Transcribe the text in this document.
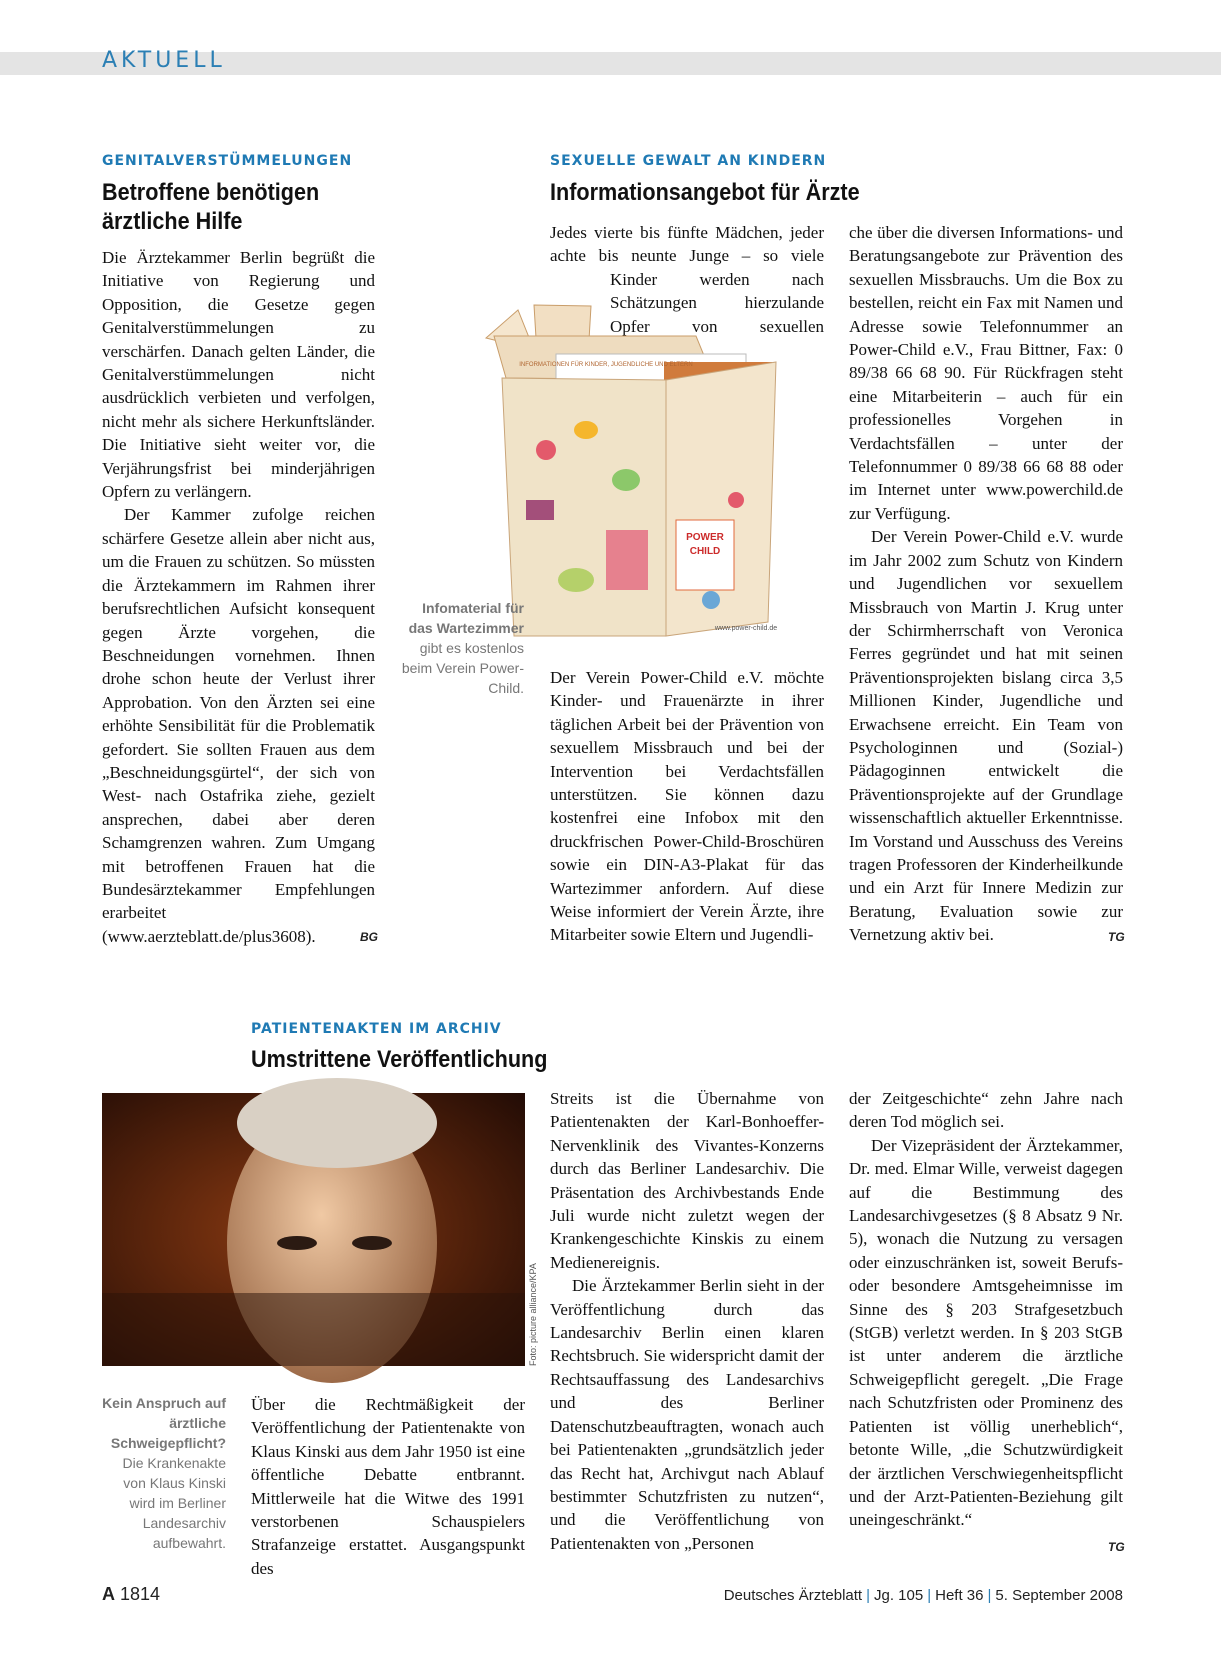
AKTUELL
GENITALVERSTÜMMELUNGEN
Betroffene benötigen ärztliche Hilfe

Die Ärztekammer Berlin begrüßt die Initiative von Regierung und Opposition, die Gesetze gegen Genitalverstümmelungen zu verschärfen. Danach gelten Länder, die Genitalverstümmelungen nicht ausdrücklich verbieten und verfolgen, nicht mehr als sichere Herkunftsländer. Die Initiative sieht weiter vor, die Verjährungsfrist bei minderjährigen Opfern zu verlängern.

Der Kammer zufolge reichen schärfere Gesetze allein aber nicht aus, um die Frauen zu schützen. So müssten die Ärztekammern im Rahmen ihrer berufsrechtlichen Aufsicht konsequent gegen Ärzte vorgehen, die Beschneidungen vornehmen. Ihnen drohe schon heute der Verlust ihrer Approbation. Von den Ärzten sei eine erhöhte Sensibilität für die Problematik gefordert. Sie sollten Frauen aus dem „Beschneidungsgürtel“, der sich von West- nach Ostafrika ziehe, gezielt ansprechen, dabei aber deren Schamgrenzen wahren. Zum Umgang mit betroffenen Frauen hat die Bundesärztekammer Empfehlungen erarbeitet (www.aerzteblatt.de/plus3608).	BG
SEXUELLE GEWALT AN KINDERN
Informationsangebot für Ärzte

Jedes vierte bis fünfte Mädchen, jeder achte bis neunte Junge – so viele Kinder werden nach Schätzungen hierzulande Opfer von sexuellen

POWER
CHILD
www.power-child.de
INFORMATIONEN FÜR KINDER, JUGENDLICHE UND ELTERN
Infomaterial für das Wartezimmer
gibt es kostenlos beim Verein Power-Child.

Der Verein Power-Child e.V. möchte Kinder- und Frauenärzte in ihrer täglichen Arbeit bei der Prävention von sexuellem Missbrauch und bei der Intervention bei Verdachtsfällen unterstützen. Sie können dazu kostenfrei eine Infobox mit den druckfrischen Power-Child-Broschüren sowie ein DIN-A3-Plakat für das Wartezimmer anfordern. Auf diese Weise informiert der Verein Ärzte, ihre Mitarbeiter sowie Eltern und Jugendli-

che über die diversen Informations- und Beratungsangebote zur Prävention des sexuellen Missbrauchs. Um die Box zu bestellen, reicht ein Fax mit Namen und Adresse sowie Telefonnummer an Power-Child e.V., Frau Bittner, Fax: 0 89/38 66 68 90. Für Rückfragen steht eine Mitarbeiterin – auch für ein professionelles Vorgehen in Verdachtsfällen – unter der Telefonnummer 0 89/38 66 68 88 oder im Internet unter www.powerchild.de zur Verfügung.

Der Verein Power-Child e.V. wurde im Jahr 2002 zum Schutz von Kindern und Jugendlichen vor sexuellem Missbrauch von Martin J. Krug unter der Schirmherrschaft von Veronica Ferres gegründet und hat mit seinen Präventionsprojekten bislang circa 3,5 Millionen Kinder, Jugendliche und Erwachsene erreicht. Ein Team von Psychologinnen und (Sozial-) Pädagoginnen entwickelt die Präventionsprojekte auf der Grundlage wissenschaftlich aktueller Erkenntnisse. Im Vorstand und Ausschuss des Vereins tragen Professoren der Kinderheilkunde und ein Arzt für Innere Medizin zur Beratung, Evaluation sowie zur Vernetzung aktiv bei.	TG
PATIENTENAKTEN IM ARCHIV
Umstrittene Veröffentlichung
Foto: picture alliance/KPA
Kein Anspruch auf ärztliche Schweigepflicht?
Die Krankenakte von Klaus Kinski wird im Berliner Landesarchiv aufbewahrt.

Über die Rechtmäßigkeit der Veröffentlichung der Patientenakte von Klaus Kinski aus dem Jahr 1950 ist eine öffentliche Debatte entbrannt. Mittlerweile hat die Witwe des 1991 verstorbenen Schauspielers Strafanzeige erstattet. Ausgangspunkt des

Streits ist die Übernahme von Patientenakten der Karl-Bonhoeffer-Nervenklinik des Vivantes-Konzerns durch das Berliner Landesarchiv. Die Präsentation des Archivbestands Ende Juli wurde nicht zuletzt wegen der Krankengeschichte Kinskis zu einem Medienereignis.

Die Ärztekammer Berlin sieht in der Veröffentlichung durch das Landesarchiv Berlin einen klaren Rechtsbruch. Sie widerspricht damit der Rechtsauffassung des Landesarchivs und des Berliner Datenschutzbeauftragten, wonach auch bei Patientenakten „grundsätzlich jeder das Recht hat, Archivgut nach Ablauf bestimmter Schutzfristen zu nutzen“, und die Veröffentlichung von Patientenakten von „Personen

der Zeitgeschichte“ zehn Jahre nach deren Tod möglich sei.

Der Vizepräsident der Ärztekammer, Dr. med. Elmar Wille, verweist dagegen auf die Bestimmung des Landesarchivgesetzes (§ 8 Absatz 9 Nr. 5), wonach die Nutzung zu versagen oder einzuschränken ist, soweit Berufs- oder besondere Amtsgeheimnisse im Sinne des § 203 Strafgesetzbuch (StGB) verletzt werden. In § 203 StGB ist unter anderem die ärztliche Schweigepflicht geregelt. „Die Frage nach Schutzfristen oder Prominenz des Patienten ist völlig unerheblich“, betonte Wille, „die Schutzwürdigkeit der ärztlichen Verschwiegenheitspflicht und der Arzt-Patienten-Beziehung gilt uneingeschränkt.“

TG
A 1814	Deutsches Ärzteblatt | Jg. 105 | Heft 36 | 5. September 2008
